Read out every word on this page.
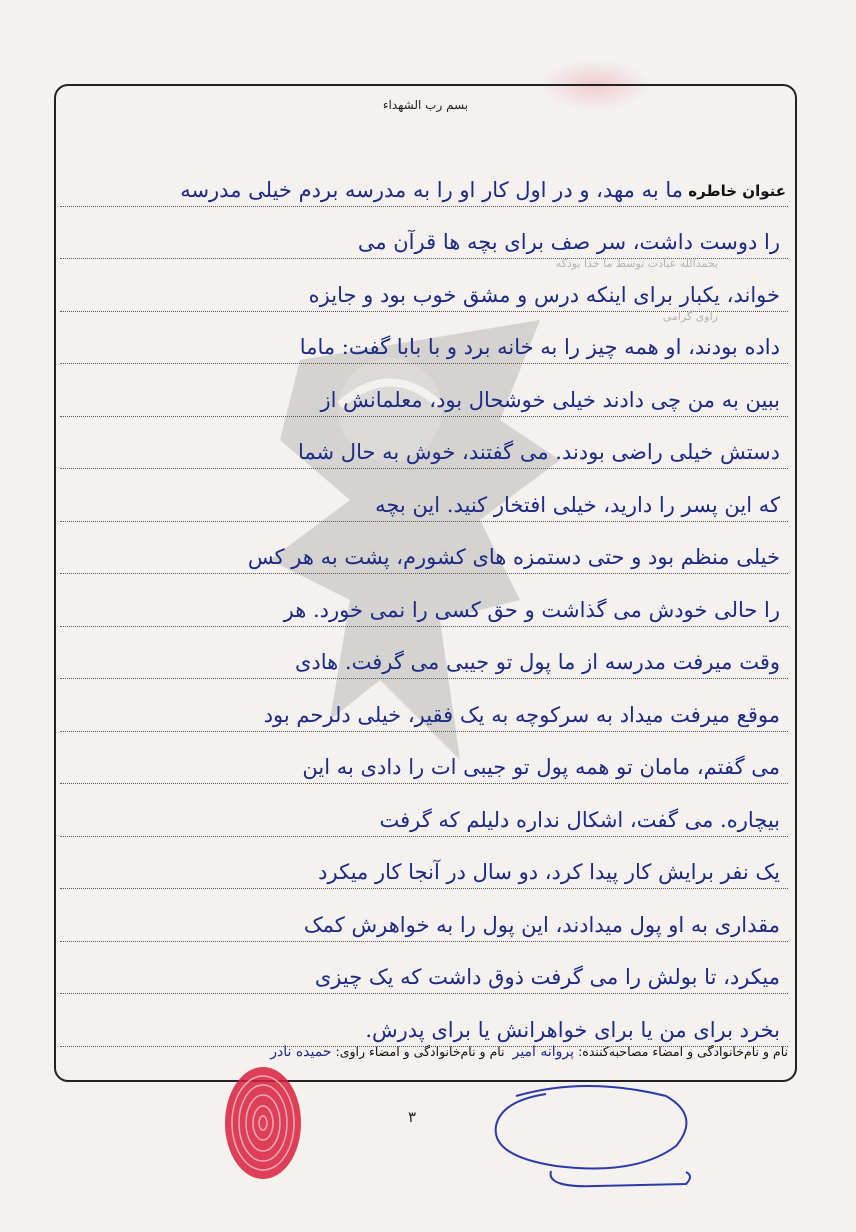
بسم رب الشهداء
عنوان خاطره
ما به مهد، و در اول کار او را به مدرسه بردم خیلی مدرسه
بحمدالله عبادت توسط ما خدا بودکه
را دوست داشت، سر صف برای بچه ها قرآن می
راوی گرامی
خواند، یکبار برای اینکه درس و مشق خوب بود و جایزه
داده بودند، او همه چیز را به خانه برد و با بابا گفت: ماما
ببین به من چی دادند خیلی خوشحال بود، معلمانش از
دستش خیلی راضی بودند. می گفتند، خوش به حال شما
که این پسر را دارید، خیلی افتخار کنید. این بچه
خیلی منظم بود و حتی دستمزه های کشورم، پشت به هر کس
را حالی خودش می گذاشت و حق کسی را نمی خورد. هر
وقت میرفت مدرسه از ما پول تو جیبی می گرفت. هادی
موقع میرفت میداد به سرکوچه به یک فقیر، خیلی دلرحم بود
می گفتم، مامان تو همه پول تو جیبی ات را دادی به این
بیچاره. می گفت، اشکال نداره دلیلم که گرفت
یک نفر برایش کار پیدا کرد، دو سال در آنجا کار میکرد
مقداری به او پول میدادند، این پول را به خواهرش کمک
میکرد، تا بولش را می گرفت ذوق داشت که یک چیزی
بخرد برای من یا برای خواهرانش یا برای پدرش.
نام و نام‌خانوادگی و امضاء مصاحبه‌کننده:پروانه امیر نام و نام‌خانوادگی و امضاء راوی:حمیده نادر
۳
